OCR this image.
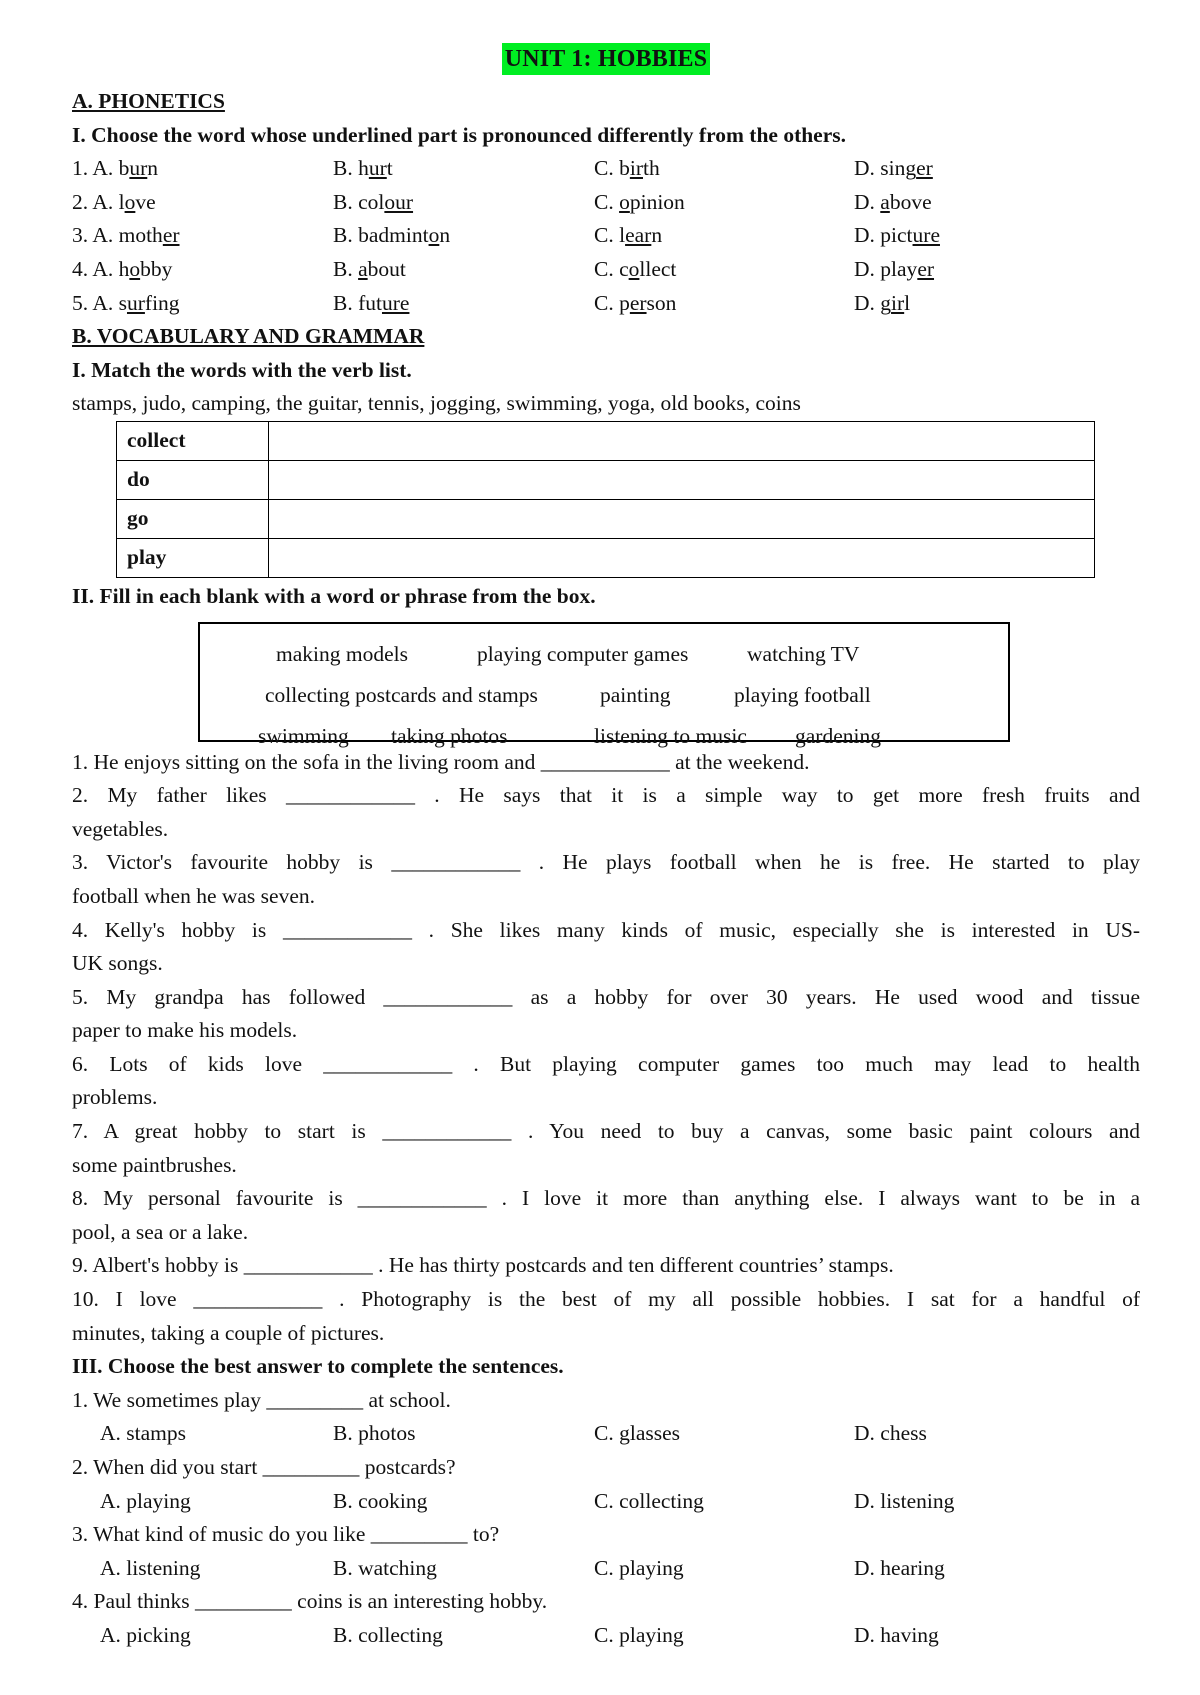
UNIT 1: HOBBIES
A. PHONETICS
I. Choose the word whose underlined part is pronounced differently from the others.
1. A. burn	B. hurt	C. birth	D. singer
2. A. love	B. colour	C. opinion	D. above
3. A. mother	B. badminton	C. learn	D. picture
4. A. hobby	B. about	C. collect	D. player
5. A. surfing	B. future	C. person	D. girl
B. VOCABULARY AND GRAMMAR
I. Match the words with the verb list.
stamps, judo, camping, the guitar, tennis, jogging, swimming, yoga, old books, coins
collect	
do	
go	
play	
II. Fill in each blank with a word or phrase from the box.
making models	playing computer games	watching TV
collecting postcards and stamps	painting	playing football
swimming taking photos	listening to music gardening
1. He enjoys sitting on the sofa in the living room and ____________ at the weekend.
2. My father likes ____________ . He says that it is a simple way to get more fresh fruits and
vegetables.
3. Victor's favourite hobby is ____________ . He plays football when he is free. He started to play
football when he was seven.
4. Kelly's hobby is ____________ . She likes many kinds of music, especially she is interested in US-
UK songs.
5. My grandpa has followed ____________ as a hobby for over 30 years. He used wood and tissue
paper to make his models.
6. Lots of kids love ____________ . But playing computer games too much may lead to health
problems.
7. A great hobby to start is ____________ . You need to buy a canvas, some basic paint colours and
some paintbrushes.
8. My personal favourite is ____________ . I love it more than anything else. I always want to be in a
pool, a sea or a lake.
9. Albert's hobby is ____________ . He has thirty postcards and ten different countries’ stamps.
10. I love ____________ . Photography is the best of my all possible hobbies. I sat for a handful of
minutes, taking a couple of pictures.
III. Choose the best answer to complete the sentences.
1. We sometimes play _________ at school.
A. stamps	B. photos	C. glasses	D. chess
2. When did you start _________ postcards?
A. playing	B. cooking	C. collecting	D. listening
3. What kind of music do you like _________ to?
A. listening	B. watching	C. playing	D. hearing
4. Paul thinks _________ coins is an interesting hobby.
A. picking	B. collecting	C. playing	D. having
